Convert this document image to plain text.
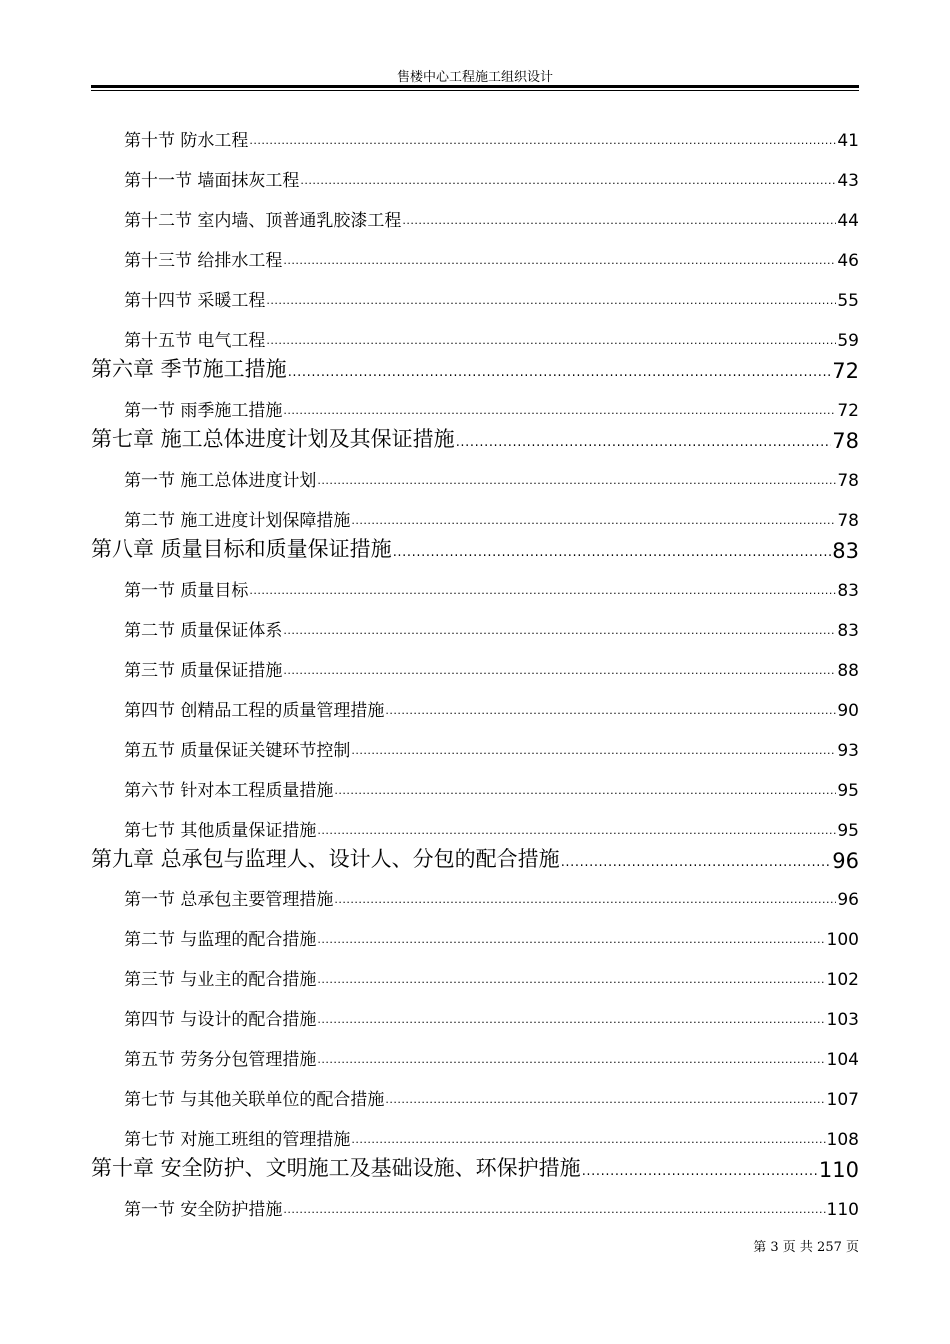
售楼中心工程施工组织设计
第十节 防水工程 .....	41
第十一节 墙面抹灰工程 .....	43
第十二节 室内墙、顶普通乳胶漆工程 .....	44
第十三节 给排水工程 .....	46
第十四节 采暖工程 .....	55
第十五节 电气工程 .....	59
第六章 季节施工措施 .....	72
第一节 雨季施工措施 .....	72
第七章 施工总体进度计划及其保证措施 .....	78
第一节 施工总体进度计划 .....	78
第二节 施工进度计划保障措施 .....	78
第八章 质量目标和质量保证措施 .....	83
第一节 质量目标 .....	83
第二节 质量保证体系 .....	83
第三节 质量保证措施 .....	88
第四节 创精品工程的质量管理措施 .....	90
第五节 质量保证关键环节控制 .....	93
第六节 针对本工程质量措施 .....	95
第七节 其他质量保证措施 .....	95
第九章 总承包与监理人、设计人、分包的配合措施 .....	96
第一节 总承包主要管理措施 .....	96
第二节 与监理的配合措施 .....	100
第三节 与业主的配合措施 .....	102
第四节 与设计的配合措施 .....	103
第五节 劳务分包管理措施 .....	104
第七节 与其他关联单位的配合措施 .....	107
第七节 对施工班组的管理措施 .....	108
第十章 安全防护、文明施工及基础设施、环保护措施 .....	110
第一节 安全防护措施 .....	110
第 3 页 共 257 页
